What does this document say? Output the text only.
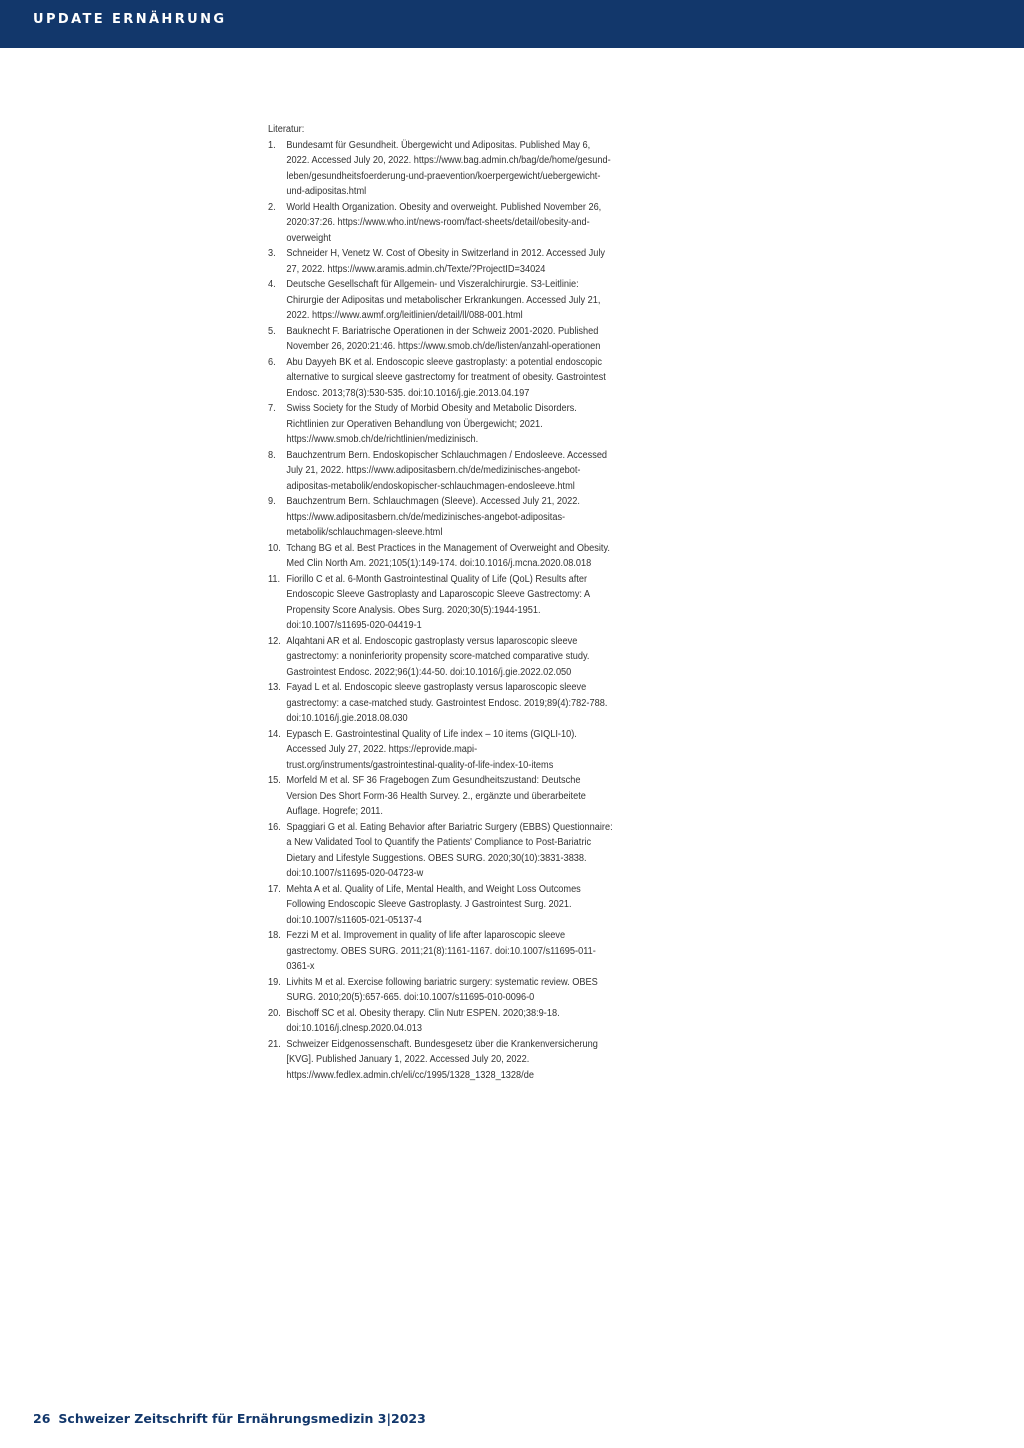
UPDATE ERNÄHRUNG

Literatur:

1.	Bundesamt für Gesundheit. Übergewicht und Adipositas. Published May 6, 2022. Accessed July 20, 2022. https://www.bag.admin.ch/bag/de/home/gesund-leben/gesundheitsfoerderung-und-praevention/koerpergewicht/uebergewicht-und-adipositas.html
2.	World Health Organization. Obesity and overweight. Published November 26, 2020:37:26. https://www.who.int/news-room/fact-sheets/detail/obesity-and-overweight
3.	Schneider H, Venetz W. Cost of Obesity in Switzerland in 2012. Accessed July 27, 2022. https://www.aramis.admin.ch/Texte/?ProjectID=34024
4.	Deutsche Gesellschaft für Allgemein- und Viszeralchirurgie. S3-Leitlinie: Chirurgie der Adipositas und metabolischer Erkrankungen. Accessed July 21, 2022. https://www.awmf.org/leitlinien/detail/ll/088-001.html
5.	Bauknecht F. Bariatrische Operationen in der Schweiz 2001-2020. Published November 26, 2020:21:46. https://www.smob.ch/de/listen/anzahl-operationen
6.	Abu Dayyeh BK et al. Endoscopic sleeve gastroplasty: a potential endoscopic alternative to surgical sleeve gastrectomy for treatment of obesity. Gastrointest Endosc. 2013;78(3):530-535. doi:10.1016/j.gie.2013.04.197
7.	Swiss Society for the Study of Morbid Obesity and Metabolic Disorders. Richtlinien zur Operativen Behandlung von Übergewicht; 2021. https://www.smob.ch/de/richtlinien/medizinisch.
8.	Bauchzentrum Bern. Endoskopischer Schlauchmagen / Endosleeve. Accessed July 21, 2022. https://www.adipositasbern.ch/de/medizinisches-angebot-adipositas-metabolik/endoskopischer-schlauchmagen-endosleeve.html
9.	Bauchzentrum Bern. Schlauchmagen (Sleeve). Accessed July 21, 2022. https://www.adipositasbern.ch/de/medizinisches-angebot-adipositas-metabolik/schlauchmagen-sleeve.html
10. Tchang BG et al. Best Practices in the Management of Overweight and Obesity. Med Clin North Am. 2021;105(1):149-174. doi:10.1016/j.mcna.2020.08.018
11. Fiorillo C et al. 6-Month Gastrointestinal Quality of Life (QoL) Results after Endoscopic Sleeve Gastroplasty and Laparoscopic Sleeve Gastrectomy: A Propensity Score Analysis. Obes Surg. 2020;30(5):1944-1951. doi:10.1007/s11695-020-04419-1
12. Alqahtani AR et al. Endoscopic gastroplasty versus laparoscopic sleeve gastrectomy: a noninferiority propensity score-matched comparative study. Gastrointest Endosc. 2022;96(1):44-50. doi:10.1016/j.gie.2022.02.050
13. Fayad L et al. Endoscopic sleeve gastroplasty versus laparoscopic sleeve gastrectomy: a case-matched study. Gastrointest Endosc. 2019;89(4):782-788. doi:10.1016/j.gie.2018.08.030
14. Eypasch E. Gastrointestinal Quality of Life index – 10 items (GIQLI-10). Accessed July 27, 2022. https://eprovide.mapi-trust.org/instruments/gastrointestinal-quality-of-life-index-10-items
15. Morfeld M et al. SF 36 Fragebogen Zum Gesundheitszustand: Deutsche Version Des Short Form-36 Health Survey. 2., ergänzte und überarbeitete Auflage. Hogrefe; 2011.
16. Spaggiari G et al. Eating Behavior after Bariatric Surgery (EBBS) Questionnaire: a New Validated Tool to Quantify the Patients' Compliance to Post-Bariatric Dietary and Lifestyle Suggestions. OBES SURG. 2020;30(10):3831-3838. doi:10.1007/s11695-020-04723-w
17. Mehta A et al. Quality of Life, Mental Health, and Weight Loss Outcomes Following Endoscopic Sleeve Gastroplasty. J Gastrointest Surg. 2021. doi:10.1007/s11605-021-05137-4
18. Fezzi M et al. Improvement in quality of life after laparoscopic sleeve gastrectomy. OBES SURG. 2011;21(8):1161-1167. doi:10.1007/s11695-011-0361-x
19. Livhits M et al. Exercise following bariatric surgery: systematic review. OBES SURG. 2010;20(5):657-665. doi:10.1007/s11695-010-0096-0
20. Bischoff SC et al. Obesity therapy. Clin Nutr ESPEN. 2020;38:9-18. doi:10.1016/j.clnesp.2020.04.013
21. Schweizer Eidgenossenschaft. Bundesgesetz über die Krankenversicherung [KVG]. Published January 1, 2022. Accessed July 20, 2022. https://www.fedlex.admin.ch/eli/cc/1995/1328_1328_1328/de
26 Schweizer Zeitschrift für Ernährungsmedizin 3|2023
